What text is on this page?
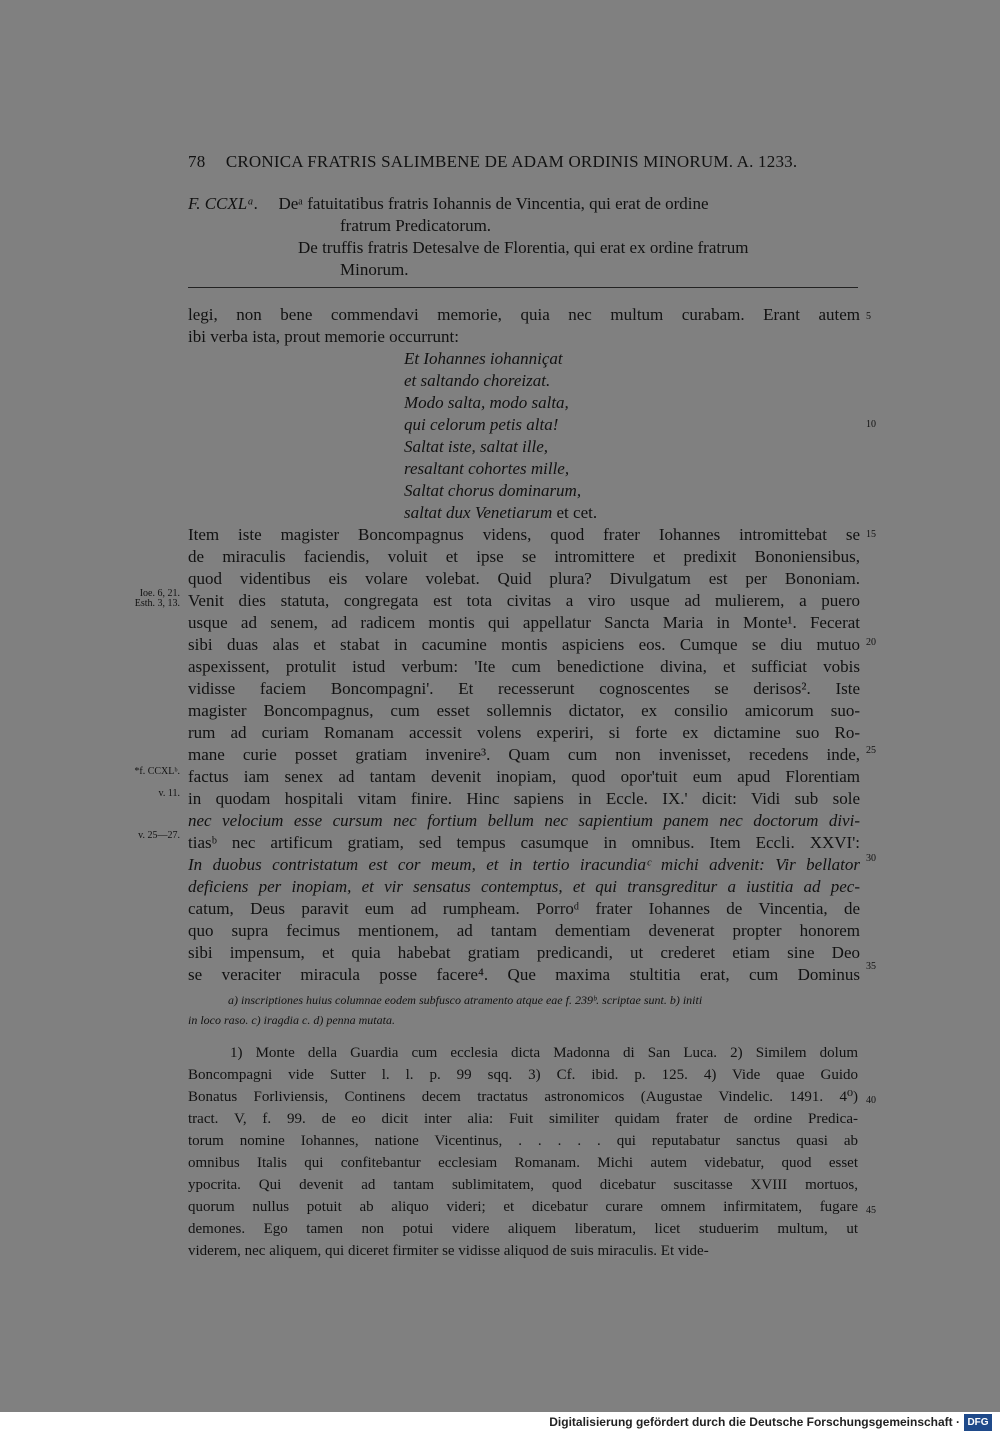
78 CRONICA FRATRIS SALIMBENE DE ADAM ORDINIS MINORUM. A. 1233.
F. CCXLᵃ. Deᵃ fatuitatibus fratris Iohannis de Vincentia, qui erat de ordine
fratrum Predicatorum.
De truffis fratris Detesalve de Florentia, qui erat ex ordine fratrum
Minorum.
legi, non bene commendavi memorie, quia nec multum curabam. Erant autem
ibi verba ista, prout memorie occurrunt:
Et Iohannes iohanniçat
et saltando choreizat.
Modo salta, modo salta,
qui celorum petis alta!
Saltat iste, saltat ille,
resaltant cohortes mille,
Saltat chorus dominarum,
saltat dux Venetiarum et cet.
Item iste magister Boncompagnus videns, quod frater Iohannes intromittebat se
de miraculis faciendis, voluit et ipse se intromittere et predixit Bononiensibus,
quod videntibus eis volare volebat. Quid plura? Divulgatum est per Bononiam.
Venit dies statuta, congregata est tota civitas a viro usque ad mulierem, a puero
usque ad senem, ad radicem montis qui appellatur Sancta Maria in Monte¹. Fecerat
sibi duas alas et stabat in cacumine montis aspiciens eos. Cumque se diu mutuo
aspexissent, protulit istud verbum: 'Ite cum benedictione divina, et sufficiat vobis
vidisse faciem Boncompagni'. Et recesserunt cognoscentes se derisos². Iste
magister Boncompagnus, cum esset sollemnis dictator, ex consilio amicorum suo-
rum ad curiam Romanam accessit volens experiri, si forte ex dictamine suo Ro-
mane curie posset gratiam invenire³. Quam cum non invenisset, recedens inde,
factus iam senex ad tantam devenit inopiam, quod opor'tuit eum apud Florentiam
in quodam hospitali vitam finire. Hinc sapiens in Eccle. IX.' dicit: Vidi sub sole
nec velocium esse cursum nec fortium bellum nec sapientium panem nec doctorum divi-
tiasᵇ nec artificum gratiam, sed tempus casumque in omnibus. Item Eccli. XXVI':
In duobus contristatum est cor meum, et in tertio iracundiaᶜ michi advenit: Vir bellator
deficiens per inopiam, et vir sensatus contemptus, et qui transgreditur a iustitia ad pec-
catum, Deus paravit eum ad rumpheam. Porroᵈ frater Iohannes de Vincentia, de
quo supra fecimus mentionem, ad tantam dementiam devenerat propter honorem
sibi impensum, et quia habebat gratiam predicandi, ut crederet etiam sine Deo
se veraciter miracula posse facere⁴. Que maxima stultitia erat, cum Dominus
5
10
15
20
25
30
35
40
45
Ioe. 6, 21.
Esth. 3, 13.
*f. CCXLᵇ.
v. 11.
v. 25—27.
a) inscriptiones huius columnae eodem subfusco atramento atque eae f. 239ᵇ. scriptae sunt. b) initi
in loco raso. c) iragdia c. d) penna mutata.
1) Monte della Guardia cum ecclesia dicta Madonna di San Luca. 2) Similem dolum
Boncompagni vide Sutter l. l. p. 99 sqq. 3) Cf. ibid. p. 125. 4) Vide quae Guido
Bonatus Forliviensis, Continens decem tractatus astronomicos (Augustae Vindelic. 1491. 4⁰)
tract. V, f. 99. de eo dicit inter alia: Fuit similiter quidam frater de ordine Predica-
torum nomine Iohannes, natione Vicentinus, . . . . . qui reputabatur sanctus quasi ab
omnibus Italis qui confitebantur ecclesiam Romanam. Michi autem videbatur, quod esset
ypocrita. Qui devenit ad tantam sublimitatem, quod dicebatur suscitasse XVIII mortuos,
quorum nullus potuit ab aliquo videri; et dicebatur curare omnem infirmitatem, fugare
demones. Ego tamen non potui videre aliquem liberatum, licet studuerim multum, ut
viderem, nec aliquem, qui diceret firmiter se vidisse aliquod de suis miraculis. Et vide-
Digitalisierung gefördert durch die Deutsche Forschungsgemeinschaft · DFG
